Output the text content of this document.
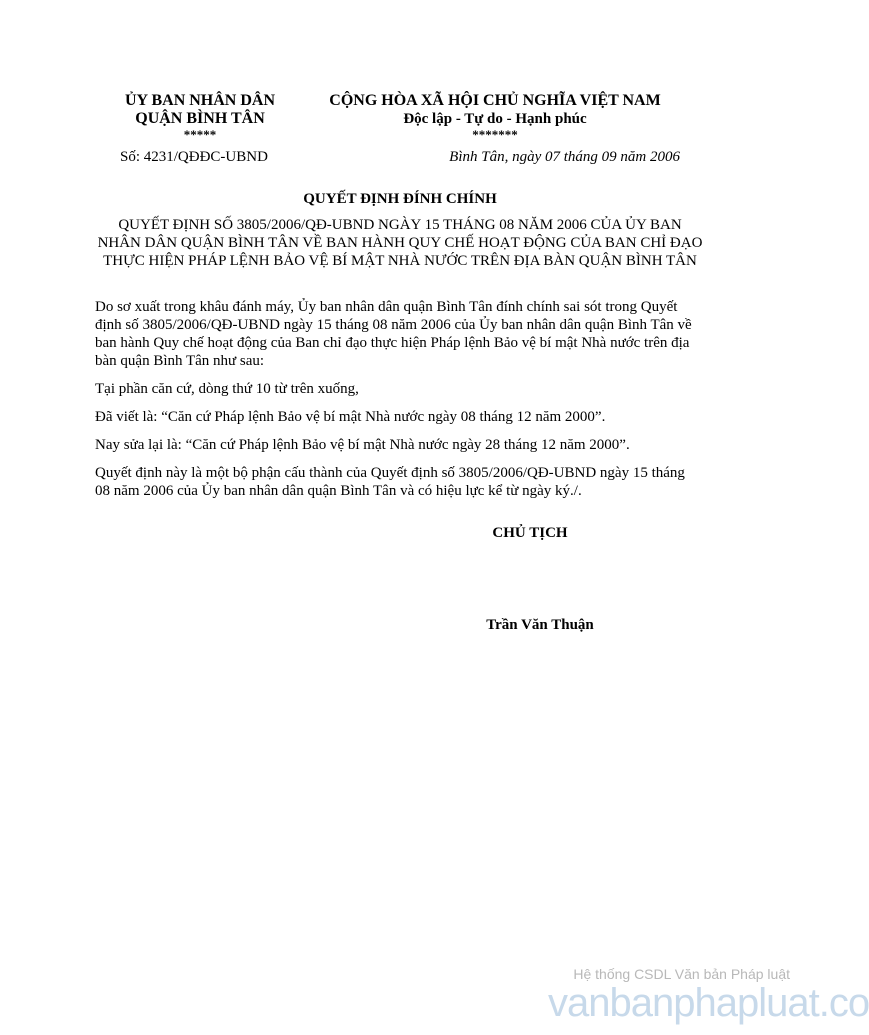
ỦY BAN NHÂN DÂN
QUẬN BÌNH TÂN
*****
CỘNG HÒA XÃ HỘI CHỦ NGHĨA VIỆT NAM
Độc lập - Tự do - Hạnh phúc
*******
Số: 4231/QĐĐC-UBND	Bình Tân, ngày 07 tháng 09 năm 2006
QUYẾT ĐỊNH ĐÍNH CHÍNH
QUYẾT ĐỊNH SỐ 3805/2006/QĐ-UBND NGÀY 15 THÁNG 08 NĂM 2006 CỦA ỦY BAN NHÂN DÂN QUẬN BÌNH TÂN VỀ BAN HÀNH QUY CHẾ HOẠT ĐỘNG CỦA BAN CHỈ ĐẠO THỰC HIỆN PHÁP LỆNH BẢO VỆ BÍ MẬT NHÀ NƯỚC TRÊN ĐỊA BÀN QUẬN BÌNH TÂN

Do sơ xuất trong khâu đánh máy, Ủy ban nhân dân quận Bình Tân đính chính sai sót trong Quyết định số 3805/2006/QĐ-UBND ngày 15 tháng 08 năm 2006 của Ủy ban nhân dân quận Bình Tân về ban hành Quy chế hoạt động của Ban chỉ đạo thực hiện Pháp lệnh Bảo vệ bí mật Nhà nước trên địa bàn quận Bình Tân như sau:

Tại phần căn cứ, dòng thứ 10 từ trên xuống,

Đã viết là: “Căn cứ Pháp lệnh Bảo vệ bí mật Nhà nước ngày 08 tháng 12 năm 2000”.

Nay sửa lại là: “Căn cứ Pháp lệnh Bảo vệ bí mật Nhà nước ngày 28 tháng 12 năm 2000”.

Quyết định này là một bộ phận cấu thành của Quyết định số 3805/2006/QĐ-UBND ngày 15 tháng 08 năm 2006 của Ủy ban nhân dân quận Bình Tân và có hiệu lực kể từ ngày ký./.

CHỦ TỊCH
Trần Văn Thuận
Hệ thống CSDL Văn bản Pháp luật
vanbanphapluat.co
